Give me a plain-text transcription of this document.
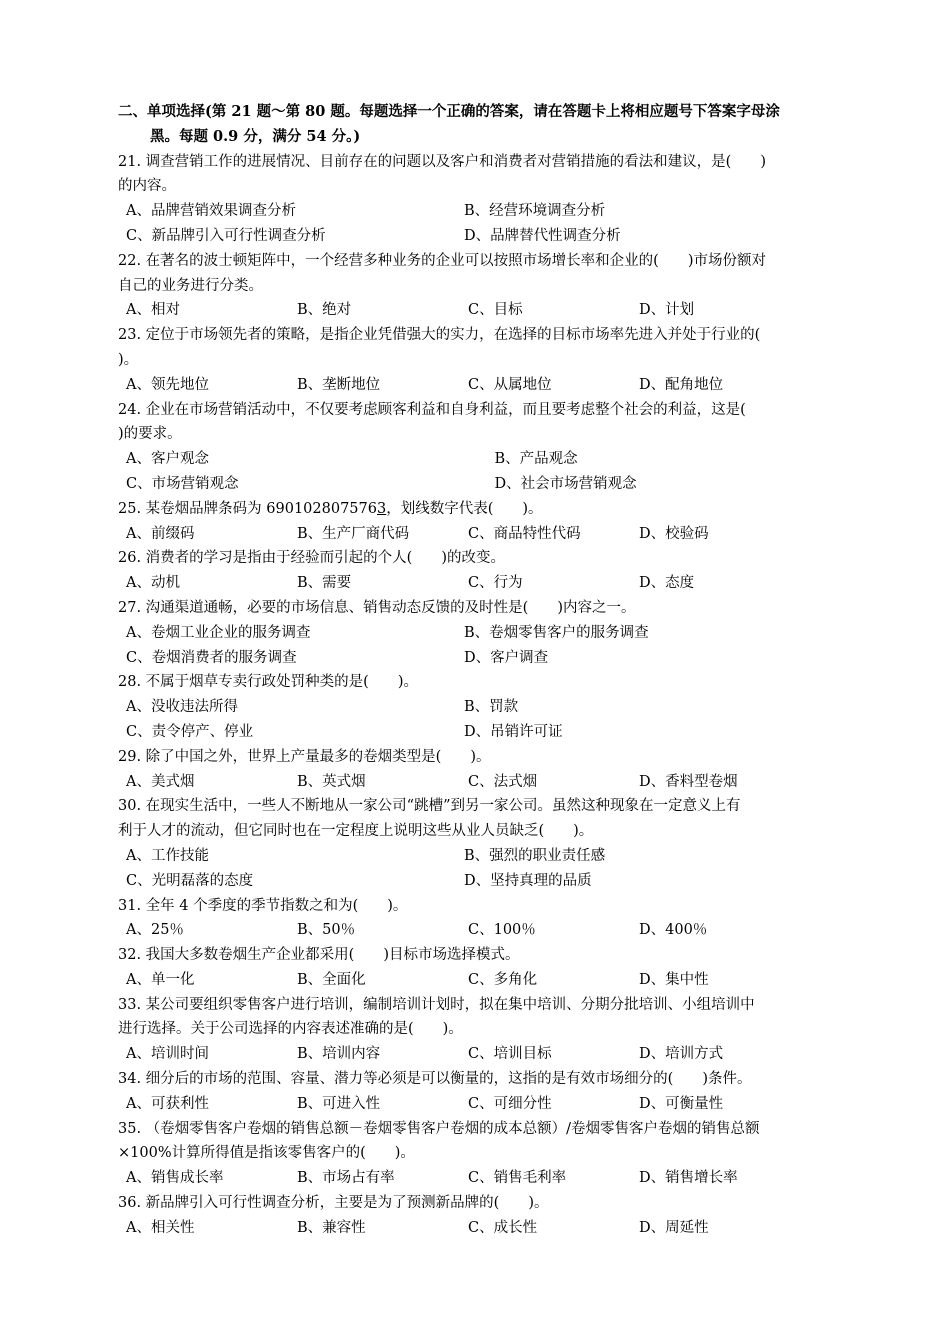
二、单项选择(第 21 题～第 80 题。每题选择一个正确的答案，请在答题卡上将相应题号下答案字母涂
黑。每题 0.9 分，满分 54 分。)
21. 调查营销工作的进展情况、目前存在的问题以及客户和消费者对营销措施的看法和建议，是(　　)
的内容。
A、品牌营销效果调查分析	B、经营环境调查分析
C、新品牌引入可行性调查分析	D、品牌替代性调查分析
22. 在著名的波士顿矩阵中，一个经营多种业务的企业可以按照市场增长率和企业的(　　)市场份额对
自己的业务进行分类。
A、相对	B、绝对	C、目标	D、计划
23. 定位于市场领先者的策略，是指企业凭借强大的实力，在选择的目标市场率先进入并处于行业的(
)。
A、领先地位	B、垄断地位	C、从属地位	D、配角地位
24. 企业在市场营销活动中，不仅要考虑顾客利益和自身利益，而且要考虑整个社会的利益，这是(
)的要求。
A、客户观念	B、产品观念
C、市场营销观念	D、社会市场营销观念
25. 某卷烟品牌条码为 6901028075763，划线数字代表(　　)。
A、前缀码	B、生产厂商代码	C、商品特性代码	D、校验码
26. 消费者的学习是指由于经验而引起的个人(　　)的改变。
A、动机	B、需要	C、行为	D、态度
27. 沟通渠道通畅，必要的市场信息、销售动态反馈的及时性是(　　)内容之一。
A、卷烟工业企业的服务调查	B、卷烟零售客户的服务调查
C、卷烟消费者的服务调查	D、客户调查
28. 不属于烟草专卖行政处罚种类的是(　　)。
A、没收违法所得	B、罚款
C、责令停产、停业	D、吊销许可证
29. 除了中国之外，世界上产量最多的卷烟类型是(　　)。
A、美式烟	B、英式烟	C、法式烟	D、香料型卷烟
30. 在现实生活中，一些人不断地从一家公司“跳槽”到另一家公司。虽然这种现象在一定意义上有
利于人才的流动，但它同时也在一定程度上说明这些从业人员缺乏(　　)。
A、工作技能	B、强烈的职业责任感
C、光明磊落的态度	D、坚持真理的品质
31. 全年 4 个季度的季节指数之和为(　　)。
A、25％	B、50％	C、100％	D、400％
32. 我国大多数卷烟生产企业都采用(　　)目标市场选择模式。
A、单一化	B、全面化	C、多角化	D、集中性
33. 某公司要组织零售客户进行培训，编制培训计划时，拟在集中培训、分期分批培训、小组培训中
进行选择。关于公司选择的内容表述准确的是(　　)。
A、培训时间	B、培训内容	C、培训目标	D、培训方式
34. 细分后的市场的范围、容量、潜力等必须是可以衡量的，这指的是有效市场细分的(　　)条件。
A、可获利性	B、可进入性	C、可细分性	D、可衡量性
35. （卷烟零售客户卷烟的销售总额－卷烟零售客户卷烟的成本总额）/卷烟零售客户卷烟的销售总额
×100%计算所得值是指该零售客户的(　　)。
A、销售成长率	B、市场占有率	C、销售毛利率	D、销售增长率
36. 新品牌引入可行性调查分析，主要是为了预测新品牌的(　　)。
A、相关性	B、兼容性	C、成长性	D、周延性
